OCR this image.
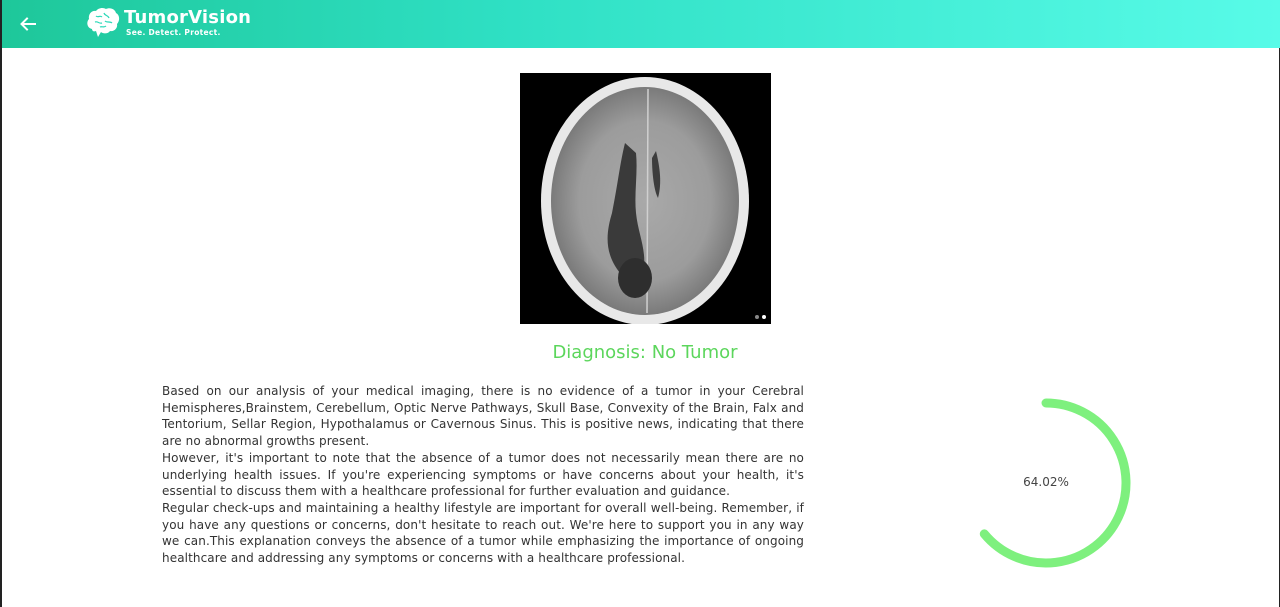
TumorVision
See. Detect. Protect.
Diagnosis: No Tumor

Based on our analysis of your medical imaging, there is no evidence of a tumor in your Cerebral Hemispheres,Brainstem, Cerebellum, Optic Nerve Pathways, Skull Base, Convexity of the Brain, Falx and Tentorium, Sellar Region, Hypothalamus or Cavernous Sinus. This is positive news, indicating that there are no abnormal growths present.

However, it's important to note that the absence of a tumor does not necessarily mean there are no underlying health issues. If you're experiencing symptoms or have concerns about your health, it's essential to discuss them with a healthcare professional for further evaluation and guidance.

Regular check-ups and maintaining a healthy lifestyle are important for overall well-being. Remember, if you have any questions or concerns, don't hesitate to reach out. We're here to support you in any way we can.This explanation conveys the absence of a tumor while emphasizing the importance of ongoing healthcare and addressing any symptoms or concerns with a healthcare professional.

64.02%
